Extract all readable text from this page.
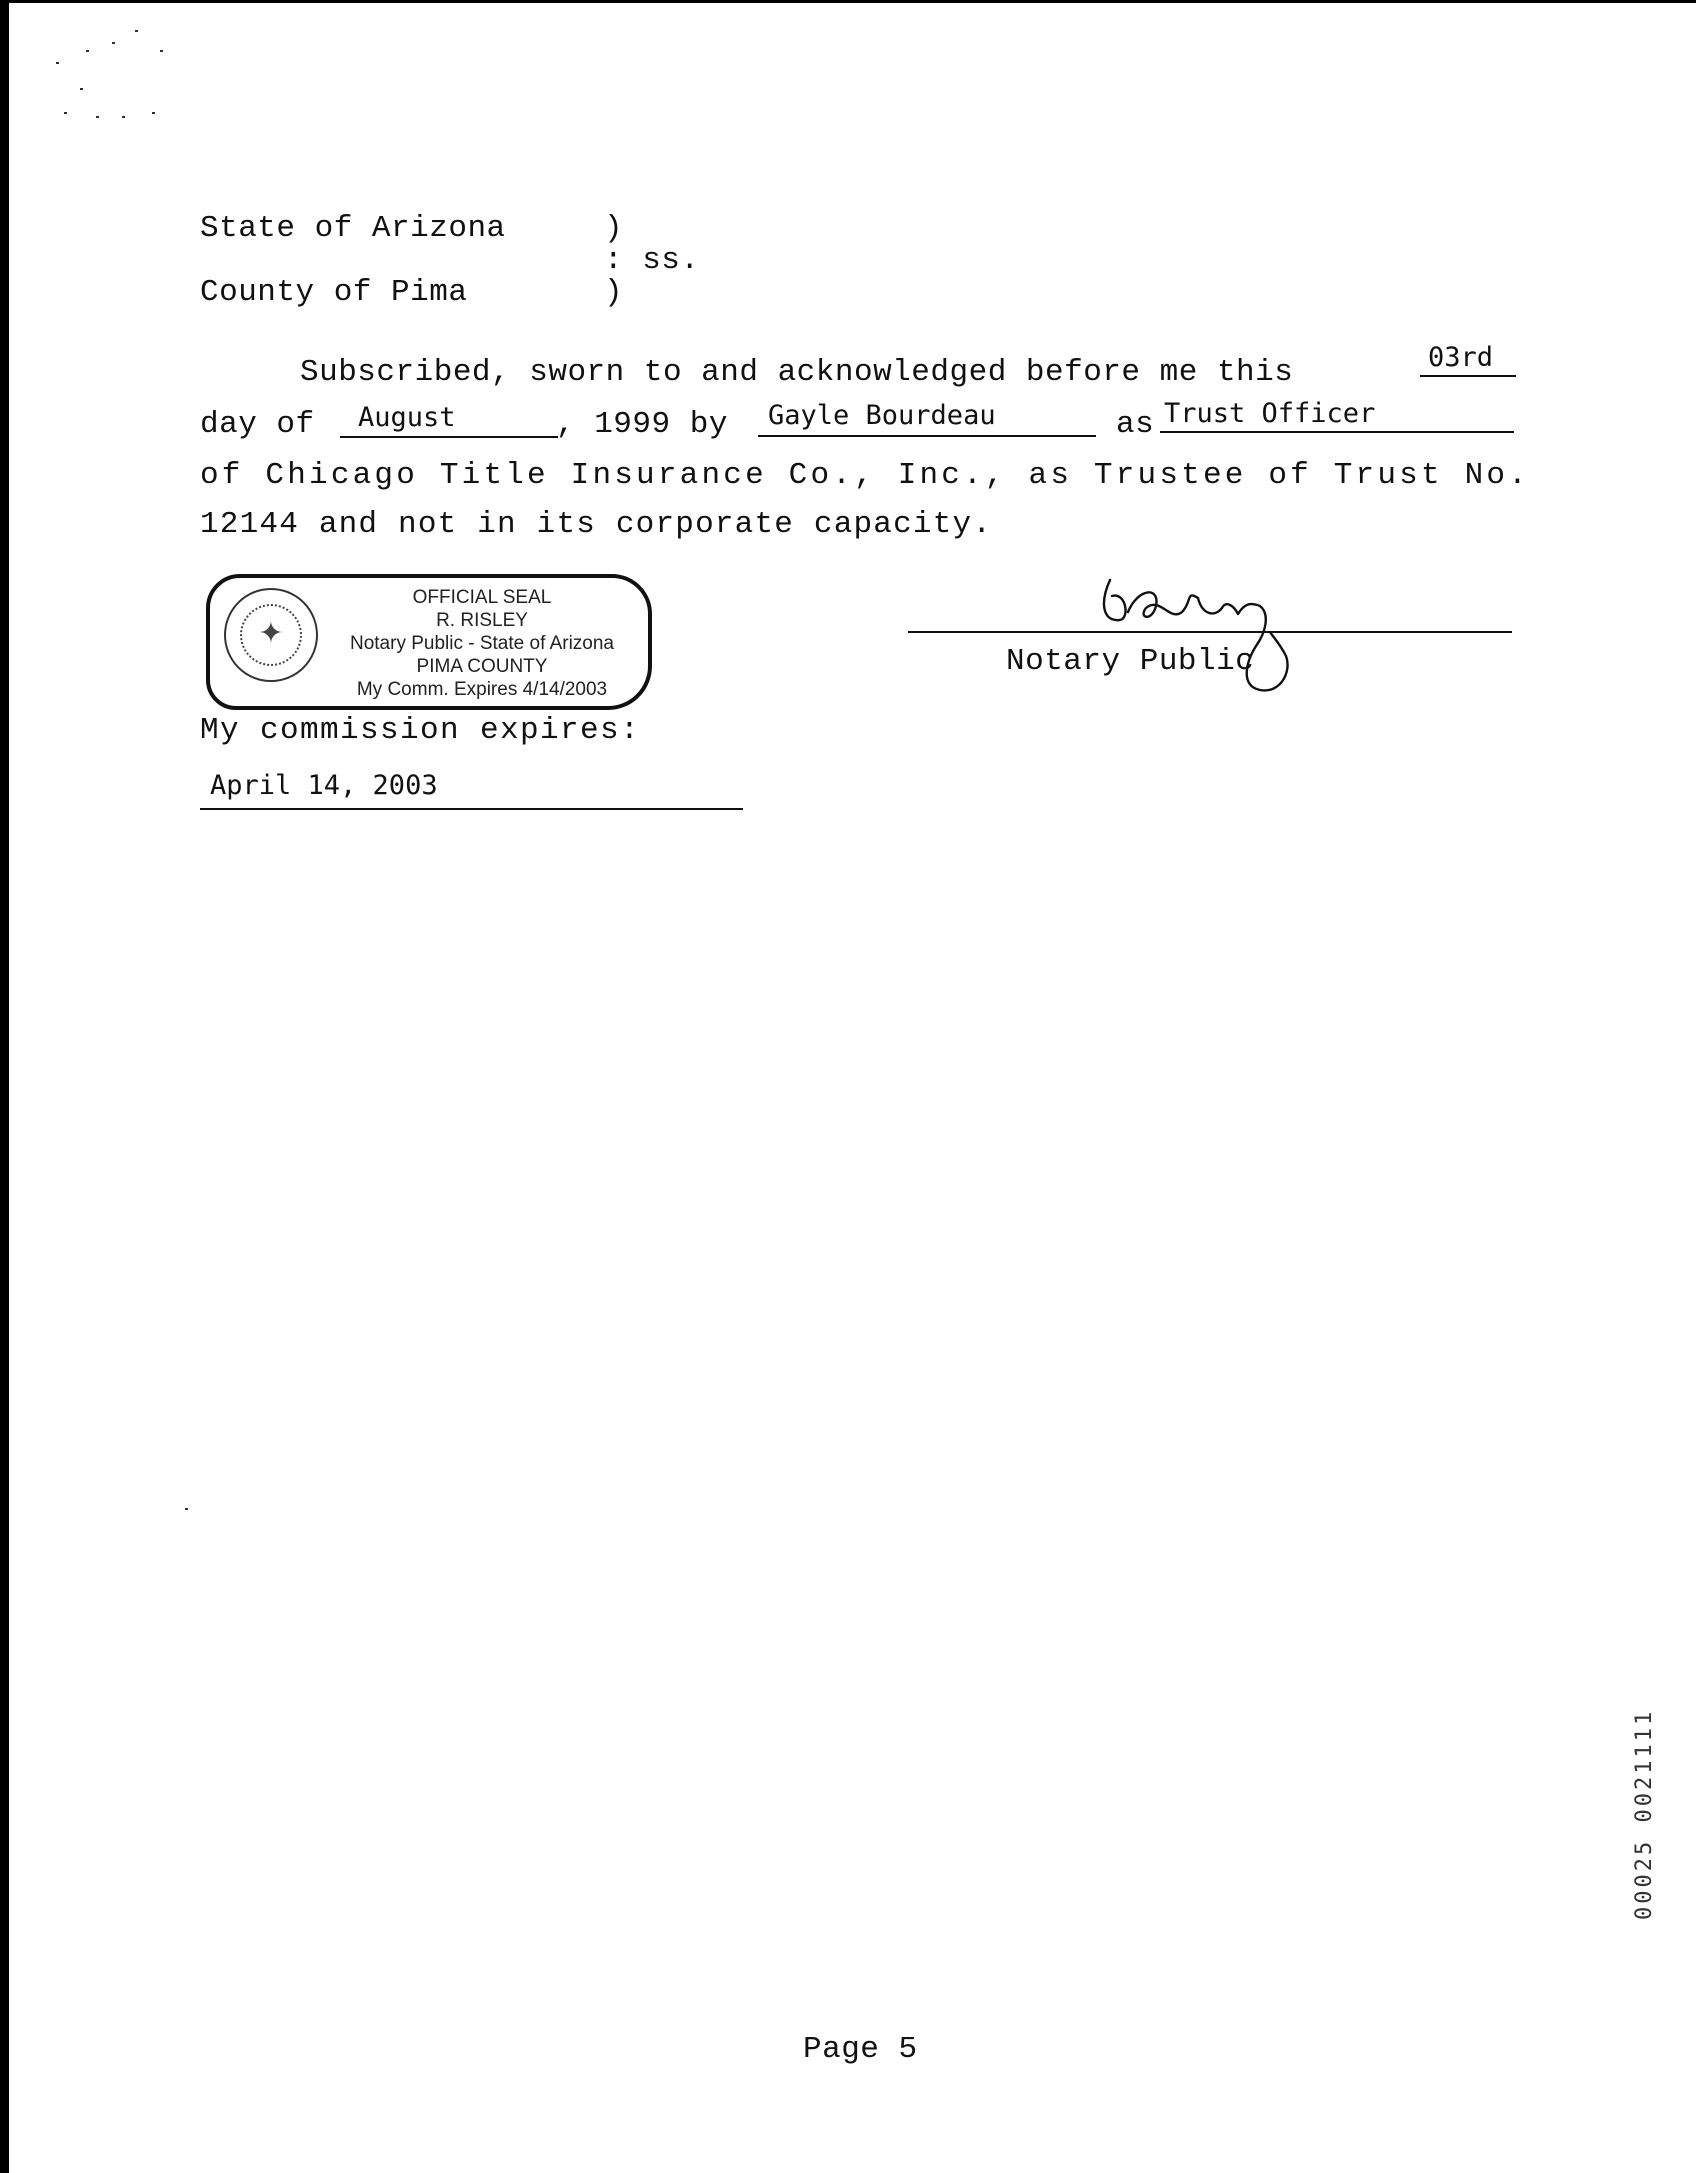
State of Arizona	)
: ss.
County of Pima	)
Subscribed, sworn to and acknowledged before me this	03rd
day of August	, 1999 by Gayle Bourdeau	as Trust Officer
of Chicago Title Insurance Co., Inc., as Trustee of Trust No.
12144 and not in its corporate capacity.
✦
OFFICIAL SEAL
R. RISLEY
Notary Public - State of Arizona
PIMA COUNTY
My Comm. Expires 4/14/2003
Notary Public
My commission expires:
April 14, 2003
00025 0021111
Page 5
